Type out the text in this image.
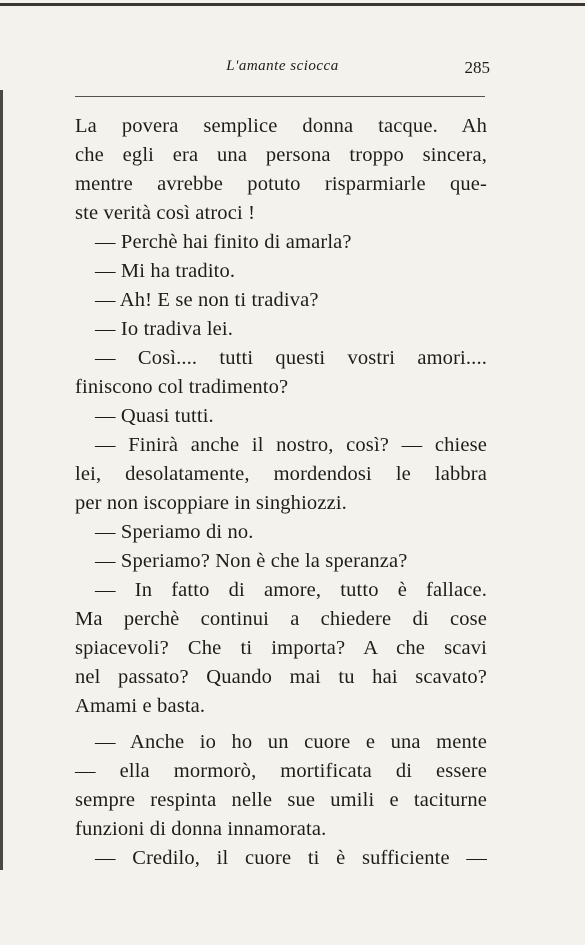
L'amante sciocca	285
La povera semplice donna tacque. Ah
che egli era una persona troppo sincera,
mentre avrebbe potuto risparmiarle que-
ste verità così atroci !
— Perchè hai finito di amarla?
— Mi ha tradito.
— Ah! E se non ti tradiva?
— Io tradiva lei.
— Così.... tutti questi vostri amori....
finiscono col tradimento?
— Quasi tutti.
— Finirà anche il nostro, così? — chiese
lei, desolatamente, mordendosi le labbra
per non iscoppiare in singhiozzi.
— Speriamo di no.
— Speriamo? Non è che la speranza?
— In fatto di amore, tutto è fallace.
Ma perchè continui a chiedere di cose
spiacevoli? Che ti importa? A che scavi
nel passato? Quando mai tu hai scavato?
Amami e basta.
— Anche io ho un cuore e una mente
— ella mormorò, mortificata di essere
sempre respinta nelle sue umili e taciturne
funzioni di donna innamorata.
— Credilo, il cuore ti è sufficiente —
